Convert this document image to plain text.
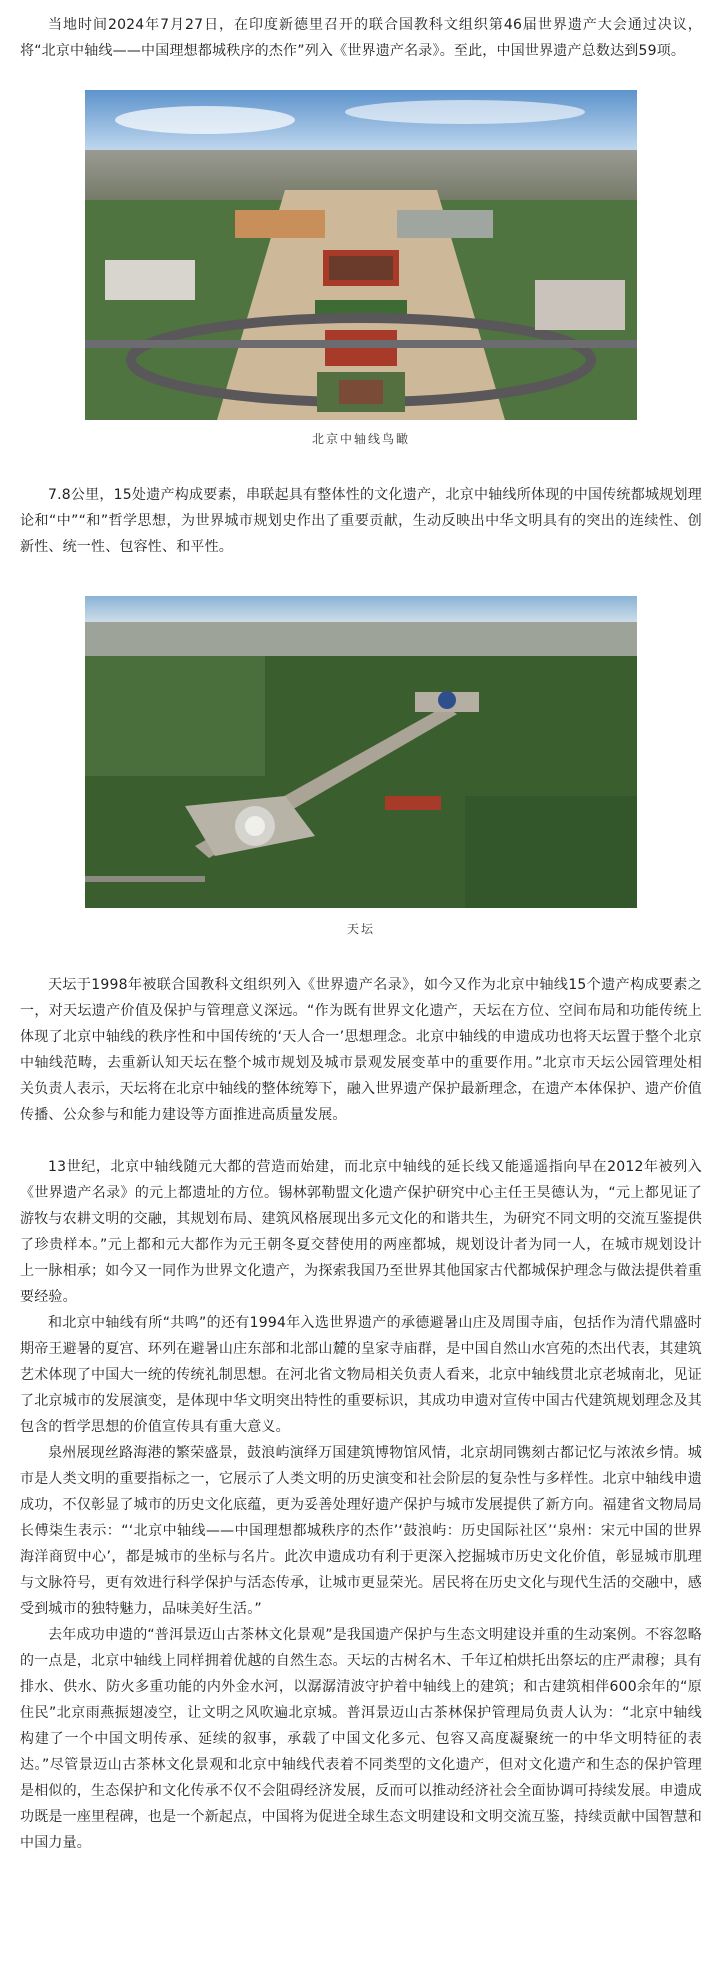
当地时间2024年7月27日，在印度新德里召开的联合国教科文组织第46届世界遗产大会通过决议，将“北京中轴线——中国理想都城秩序的杰作”列入《世界遗产名录》。至此，中国世界遗产总数达到59项。

北京中轴线鸟瞰

7.8公里，15处遗产构成要素，串联起具有整体性的文化遗产，北京中轴线所体现的中国传统都城规划理论和“中”“和”哲学思想，为世界城市规划史作出了重要贡献，生动反映出中华文明具有的突出的连续性、创新性、统一性、包容性、和平性。

天坛

天坛于1998年被联合国教科文组织列入《世界遗产名录》，如今又作为北京中轴线15个遗产构成要素之一，对天坛遗产价值及保护与管理意义深远。“作为既有世界文化遗产，天坛在方位、空间布局和功能传统上体现了北京中轴线的秩序性和中国传统的‘天人合一’思想理念。北京中轴线的申遗成功也将天坛置于整个北京中轴线范畴，去重新认知天坛在整个城市规划及城市景观发展变革中的重要作用。”北京市天坛公园管理处相关负责人表示，天坛将在北京中轴线的整体统筹下，融入世界遗产保护最新理念，在遗产本体保护、遗产价值传播、公众参与和能力建设等方面推进高质量发展。

13世纪，北京中轴线随元大都的营造而始建，而北京中轴线的延长线又能遥遥指向早在2012年被列入《世界遗产名录》的元上都遗址的方位。锡林郭勒盟文化遗产保护研究中心主任王昊德认为，“元上都见证了游牧与农耕文明的交融，其规划布局、建筑风格展现出多元文化的和谐共生，为研究不同文明的交流互鉴提供了珍贵样本。”元上都和元大都作为元王朝冬夏交替使用的两座都城，规划设计者为同一人，在城市规划设计上一脉相承；如今又一同作为世界文化遗产，为探索我国乃至世界其他国家古代都城保护理念与做法提供着重要经验。

和北京中轴线有所“共鸣”的还有1994年入选世界遗产的承德避暑山庄及周围寺庙，包括作为清代鼎盛时期帝王避暑的夏宫、环列在避暑山庄东部和北部山麓的皇家寺庙群，是中国自然山水宫苑的杰出代表，其建筑艺术体现了中国大一统的传统礼制思想。在河北省文物局相关负责人看来，北京中轴线贯北京老城南北，见证了北京城市的发展演变，是体现中华文明突出特性的重要标识，其成功申遗对宣传中国古代建筑规划理念及其包含的哲学思想的价值宣传具有重大意义。

泉州展现丝路海港的繁荣盛景，鼓浪屿演绎万国建筑博物馆风情，北京胡同镌刻古都记忆与浓浓乡情。城市是人类文明的重要指标之一，它展示了人类文明的历史演变和社会阶层的复杂性与多样性。北京中轴线申遗成功，不仅彰显了城市的历史文化底蕴，更为妥善处理好遗产保护与城市发展提供了新方向。福建省文物局局长傅柒生表示：“‘北京中轴线——中国理想都城秩序的杰作’‘鼓浪屿：历史国际社区’‘泉州：宋元中国的世界海洋商贸中心’，都是城市的坐标与名片。此次申遗成功有利于更深入挖掘城市历史文化价值，彰显城市肌理与文脉符号，更有效进行科学保护与活态传承，让城市更显荣光。居民将在历史文化与现代生活的交融中，感受到城市的独特魅力，品味美好生活。”

去年成功申遗的“普洱景迈山古茶林文化景观”是我国遗产保护与生态文明建设并重的生动案例。不容忽略的一点是，北京中轴线上同样拥着优越的自然生态。天坛的古树名木、千年辽柏烘托出祭坛的庄严肃穆；具有排水、供水、防火多重功能的内外金水河，以潺潺清波守护着中轴线上的建筑；和古建筑相伴600余年的“原住民”北京雨燕振翅凌空，让文明之风吹遍北京城。普洱景迈山古茶林保护管理局负责人认为：“北京中轴线构建了一个中国文明传承、延续的叙事，承载了中国文化多元、包容又高度凝聚统一的中华文明特征的表达。”尽管景迈山古茶林文化景观和北京中轴线代表着不同类型的文化遗产，但对文化遗产和生态的保护管理是相似的，生态保护和文化传承不仅不会阻碍经济发展，反而可以推动经济社会全面协调可持续发展。申遗成功既是一座里程碑，也是一个新起点，中国将为促进全球生态文明建设和文明交流互鉴，持续贡献中国智慧和中国力量。
